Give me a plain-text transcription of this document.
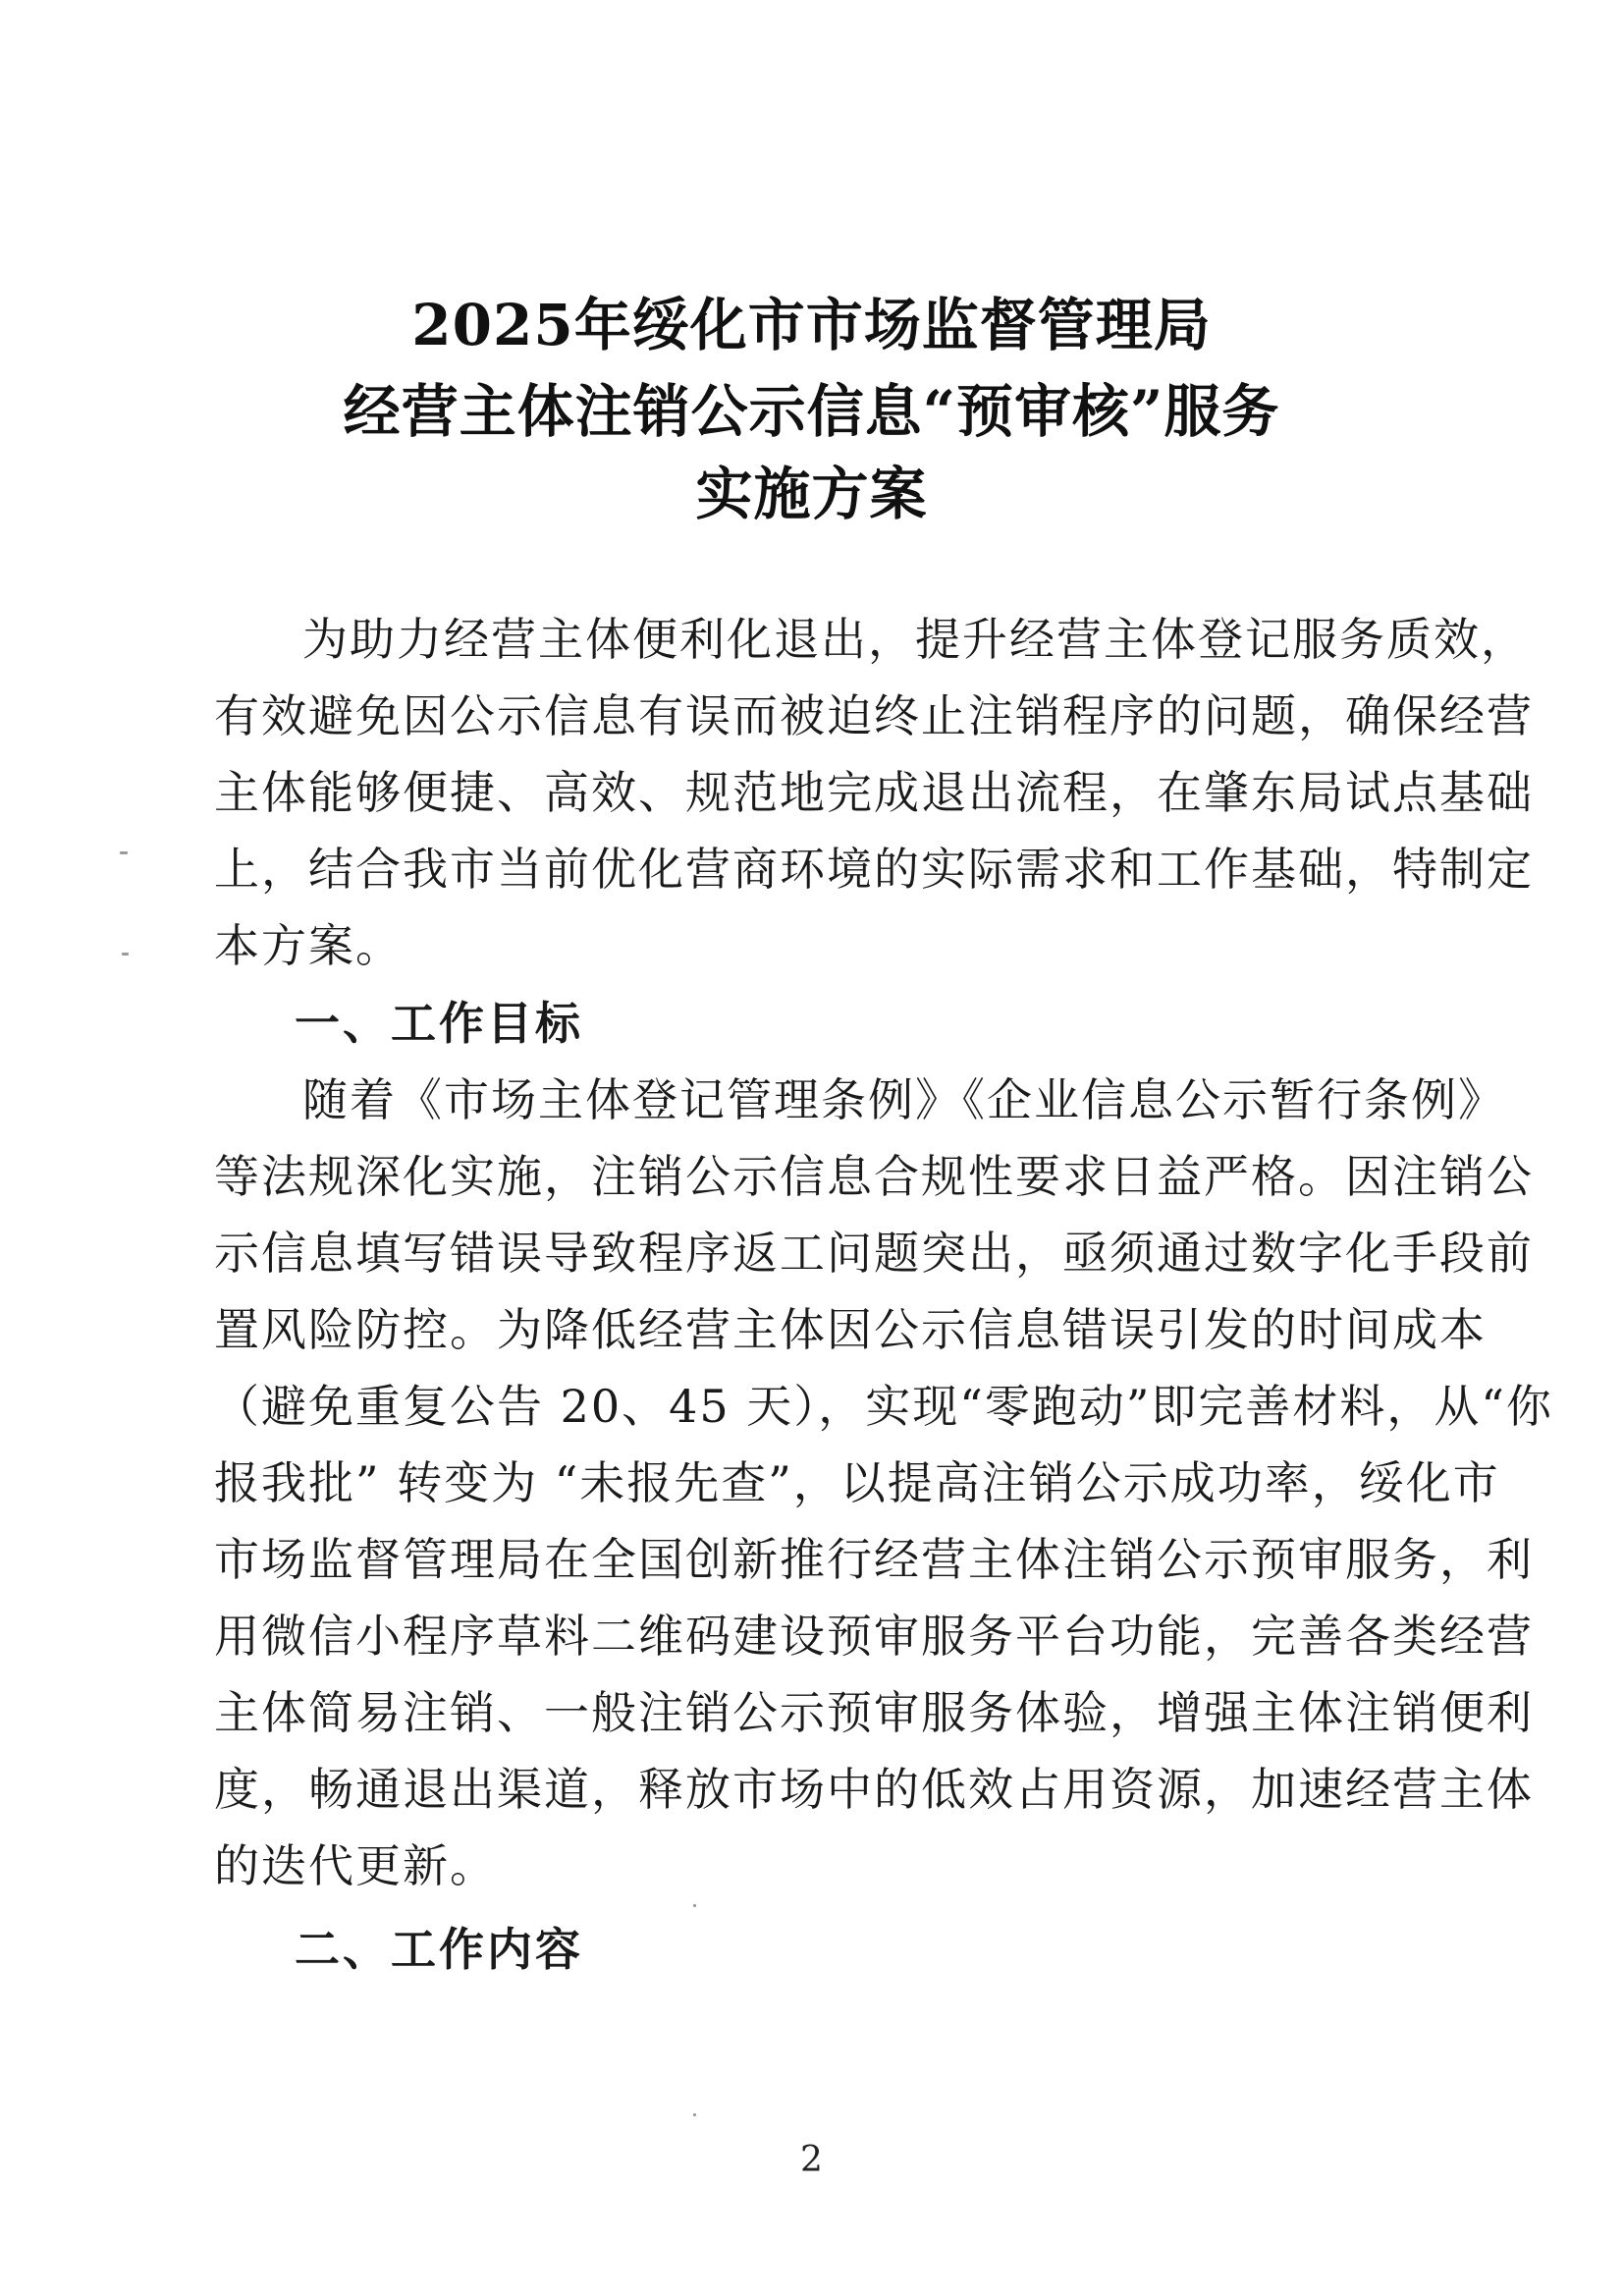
2025年绥化市市场监督管理局
经营主体注销公示信息“预审核”服务
实施方案
为助力经营主体便利化退出，提升经营主体登记服务质效，
有效避免因公示信息有误而被迫终止注销程序的问题，确保经营
主体能够便捷、高效、规范地完成退出流程，在肇东局试点基础
上，结合我市当前优化营商环境的实际需求和工作基础，特制定
本方案。
一、工作目标
随着《市场主体登记管理条例》《企业信息公示暂行条例》
等法规深化实施，注销公示信息合规性要求日益严格。因注销公
示信息填写错误导致程序返工问题突出，亟须通过数字化手段前
置风险防控。为降低经营主体因公示信息错误引发的时间成本
（避免重复公告 20、45 天），实现“零跑动”即完善材料，从“你
报我批” 转变为 “未报先查”，以提高注销公示成功率，绥化市
市场监督管理局在全国创新推行经营主体注销公示预审服务，利
用微信小程序草料二维码建设预审服务平台功能，完善各类经营
主体简易注销、一般注销公示预审服务体验，增强主体注销便利
度，畅通退出渠道，释放市场中的低效占用资源，加速经营主体
的迭代更新。
二、工作内容
2
